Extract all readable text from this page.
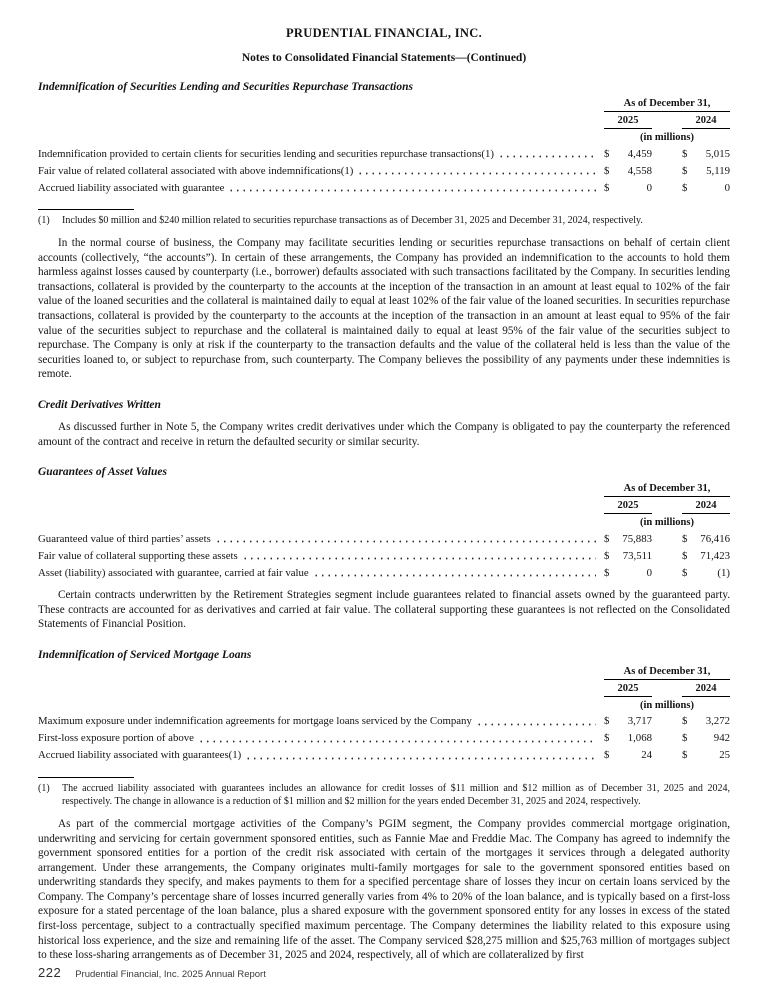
PRUDENTIAL FINANCIAL, INC.
Notes to Consolidated Financial Statements—(Continued)
Indemnification of Securities Lending and Securities Repurchase Transactions
As of December 31,
2025	2024
(in millions)
Indemnification provided to certain clients for securities lending and securities repurchase transactions(1)	$ 4,459	$ 5,015
Fair value of related collateral associated with above indemnifications(1)	$ 4,558	$ 5,119
Accrued liability associated with guarantee	$	0	$	0
(1)	Includes $0 million and $240 million related to securities repurchase transactions as of December 31, 2025 and December 31, 2024, respectively.
In the normal course of business, the Company may facilitate securities lending or securities repurchase transactions on behalf of certain client accounts (collectively, “the accounts”). In certain of these arrangements, the Company has provided an indemnification to the accounts to hold them harmless against losses caused by counterparty (i.e., borrower) defaults associated with such transactions facilitated by the Company. In securities lending transactions, collateral is provided by the counterparty to the accounts at the inception of the transaction in an amount at least equal to 102% of the fair value of the loaned securities and the collateral is maintained daily to equal at least 102% of the fair value of the loaned securities. In securities repurchase transactions, collateral is provided by the counterparty to the accounts at the inception of the transaction in an amount at least equal to 95% of the fair value of the securities subject to repurchase and the collateral is maintained daily to equal at least 95% of the fair value of the securities subject to repurchase. The Company is only at risk if the counterparty to the transaction defaults and the value of the collateral held is less than the value of the securities loaned to, or subject to repurchase from, such counterparty. The Company believes the possibility of any payments under these indemnities is remote.
Credit Derivatives Written
As discussed further in Note 5, the Company writes credit derivatives under which the Company is obligated to pay the counterparty the referenced amount of the contract and receive in return the defaulted security or similar security.
Guarantees of Asset Values
As of December 31,
2025	2024
(in millions)
Guaranteed value of third parties’ assets	$ 75,883	$ 76,416
Fair value of collateral supporting these assets	$ 73,511	$ 71,423
Asset (liability) associated with guarantee, carried at fair value	$	0	$	(1)
Certain contracts underwritten by the Retirement Strategies segment include guarantees related to financial assets owned by the guaranteed party. These contracts are accounted for as derivatives and carried at fair value. The collateral supporting these guarantees is not reflected on the Consolidated Statements of Financial Position.
Indemnification of Serviced Mortgage Loans
As of December 31,
2025	2024
(in millions)
Maximum exposure under indemnification agreements for mortgage loans serviced by the Company	$ 3,717	$ 3,272
First-loss exposure portion of above	$ 1,068	$ 942
Accrued liability associated with guarantees(1)	$	24	$	25
(1)	The accrued liability associated with guarantees includes an allowance for credit losses of $11 million and $12 million as of December 31, 2025 and 2024, respectively. The change in allowance is a reduction of $1 million and $2 million for the years ended December 31, 2025 and 2024, respectively.
As part of the commercial mortgage activities of the Company’s PGIM segment, the Company provides commercial mortgage origination, underwriting and servicing for certain government sponsored entities, such as Fannie Mae and Freddie Mac. The Company has agreed to indemnify the government sponsored entities for a portion of the credit risk associated with certain of the mortgages it services through a delegated authority arrangement. Under these arrangements, the Company originates multi-family mortgages for sale to the government sponsored entities based on underwriting standards they specify, and makes payments to them for a specified percentage share of losses they incur on certain loans serviced by the Company. The Company’s percentage share of losses incurred generally varies from 4% to 20% of the loan balance, and is typically based on a first-loss exposure for a stated percentage of the loan balance, plus a shared exposure with the government sponsored entity for any losses in excess of the stated first-loss percentage, subject to a contractually specified maximum percentage. The Company determines the liability related to this exposure using historical loss experience, and the size and remaining life of the asset. The Company serviced $28,275 million and $25,763 million of mortgages subject to these loss-sharing arrangements as of December 31, 2025 and 2024, respectively, all of which are collateralized by first
222 Prudential Financial, Inc. 2025 Annual Report
